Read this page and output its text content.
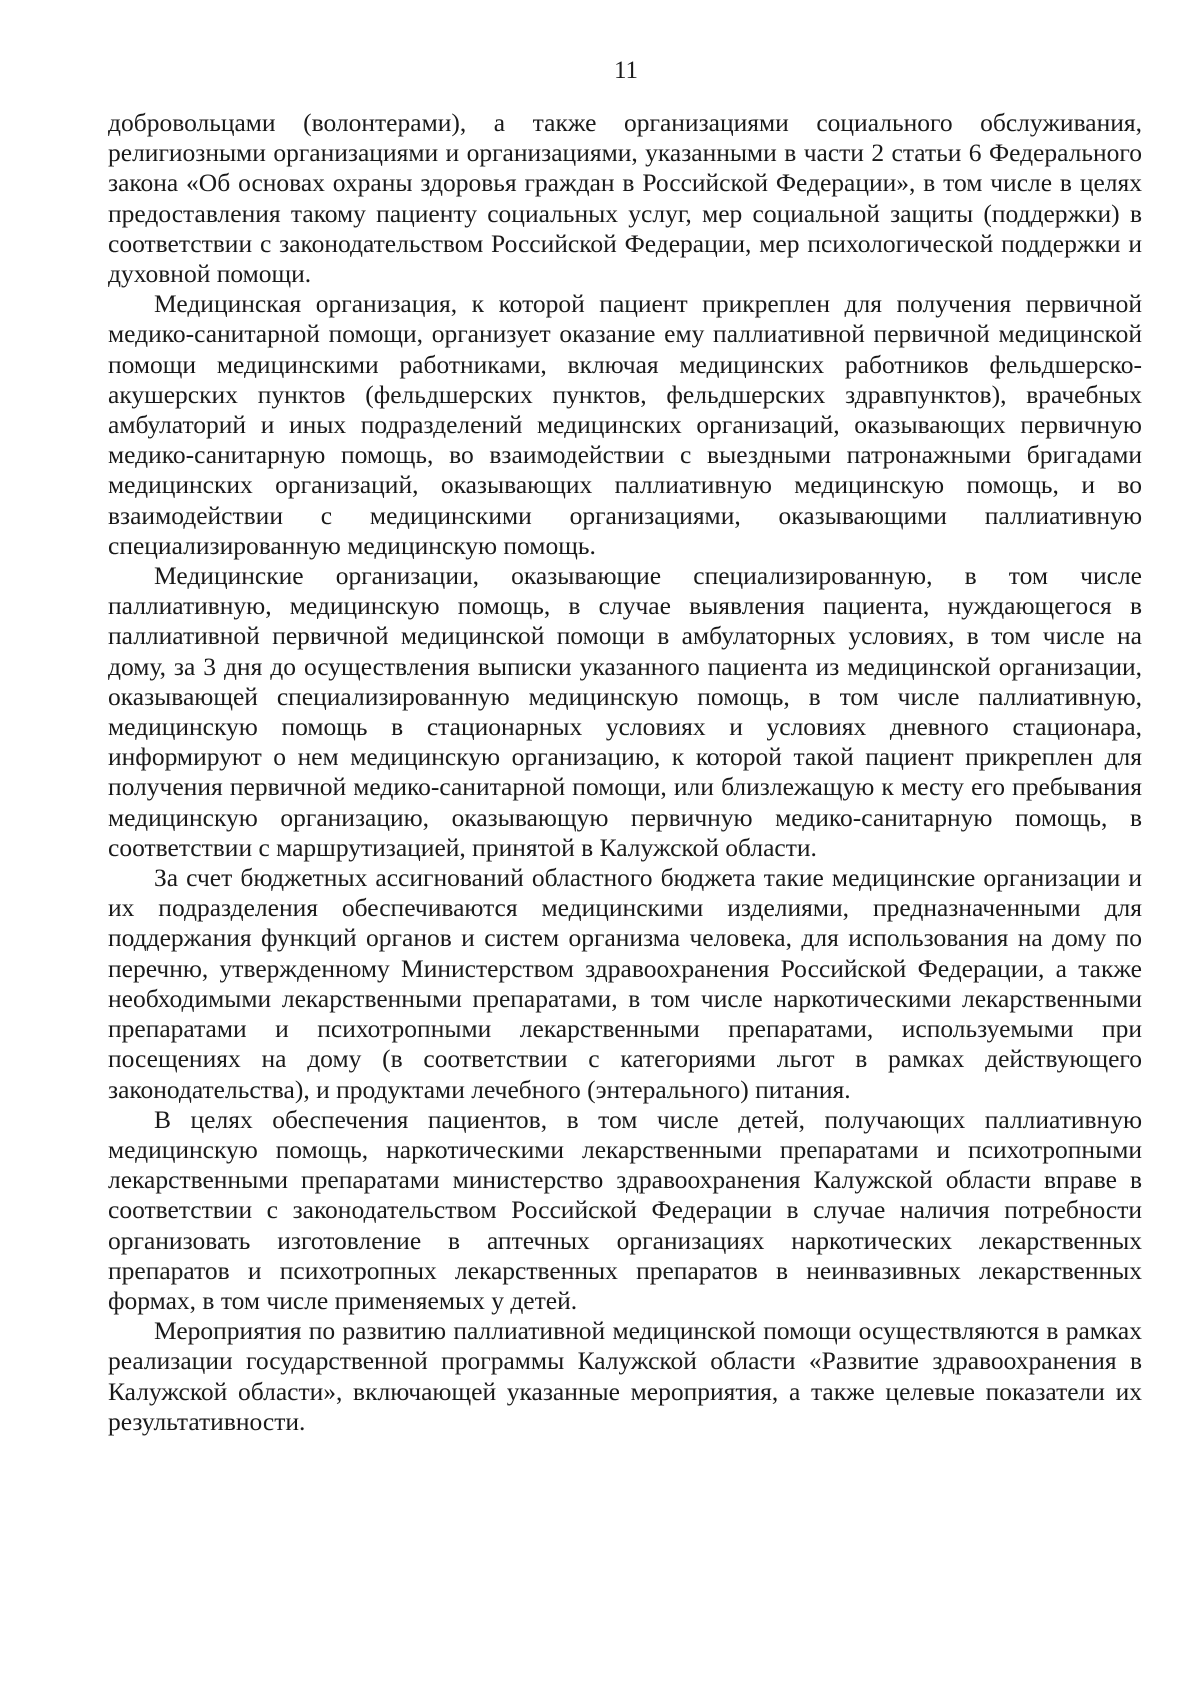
11

добровольцами (волонтерами), а также организациями социального обслуживания, религиозными организациями и организациями, указанными в части 2 статьи 6 Федерального закона «Об основах охраны здоровья граждан в Российской Федерации», в том числе в целях предоставления такому пациенту социальных услуг, мер социальной защиты (поддержки) в соответствии с законодательством Российской Федерации, мер психологической поддержки и духовной помощи.

Медицинская организация, к которой пациент прикреплен для получения первичной медико-санитарной помощи, организует оказание ему паллиативной первичной медицинской помощи медицинскими работниками, включая медицинских работников фельдшерско-акушерских пунктов (фельдшерских пунктов, фельдшерских здравпунктов), врачебных амбулаторий и иных подразделений медицинских организаций, оказывающих первичную медико-санитарную помощь, во взаимодействии с выездными патронажными бригадами медицинских организаций, оказывающих паллиативную медицинскую помощь, и во взаимодействии с медицинскими организациями, оказывающими паллиативную специализированную медицинскую помощь.

Медицинские организации, оказывающие специализированную, в том числе паллиативную, медицинскую помощь, в случае выявления пациента, нуждающегося в паллиативной первичной медицинской помощи в амбулаторных условиях, в том числе на дому, за 3 дня до осуществления выписки указанного пациента из медицинской организации, оказывающей специализированную медицинскую помощь, в том числе паллиативную, медицинскую помощь в стационарных условиях и условиях дневного стационара, информируют о нем медицинскую организацию, к которой такой пациент прикреплен для получения первичной медико-санитарной помощи, или близлежащую к месту его пребывания медицинскую организацию, оказывающую первичную медико-санитарную помощь, в соответствии с маршрутизацией, принятой в Калужской области.

За счет бюджетных ассигнований областного бюджета такие медицинские организации и их подразделения обеспечиваются медицинскими изделиями, предназначенными для поддержания функций органов и систем организма человека, для использования на дому по перечню, утвержденному Министерством здравоохранения Российской Федерации, а также необходимыми лекарственными препаратами, в том числе наркотическими лекарственными препаратами и психотропными лекарственными препаратами, используемыми при посещениях на дому (в соответствии с категориями льгот в рамках действующего законодательства), и продуктами лечебного (энтерального) питания.

В целях обеспечения пациентов, в том числе детей, получающих паллиативную медицинскую помощь, наркотическими лекарственными препаратами и психотропными лекарственными препаратами министерство здравоохранения Калужской области вправе в соответствии с законодательством Российской Федерации в случае наличия потребности организовать изготовление в аптечных организациях наркотических лекарственных препаратов и психотропных лекарственных препаратов в неинвазивных лекарственных формах, в том числе применяемых у детей.

Мероприятия по развитию паллиативной медицинской помощи осуществляются в рамках реализации государственной программы Калужской области «Развитие здравоохранения в Калужской области», включающей указанные мероприятия, а также целевые показатели их результативности.
